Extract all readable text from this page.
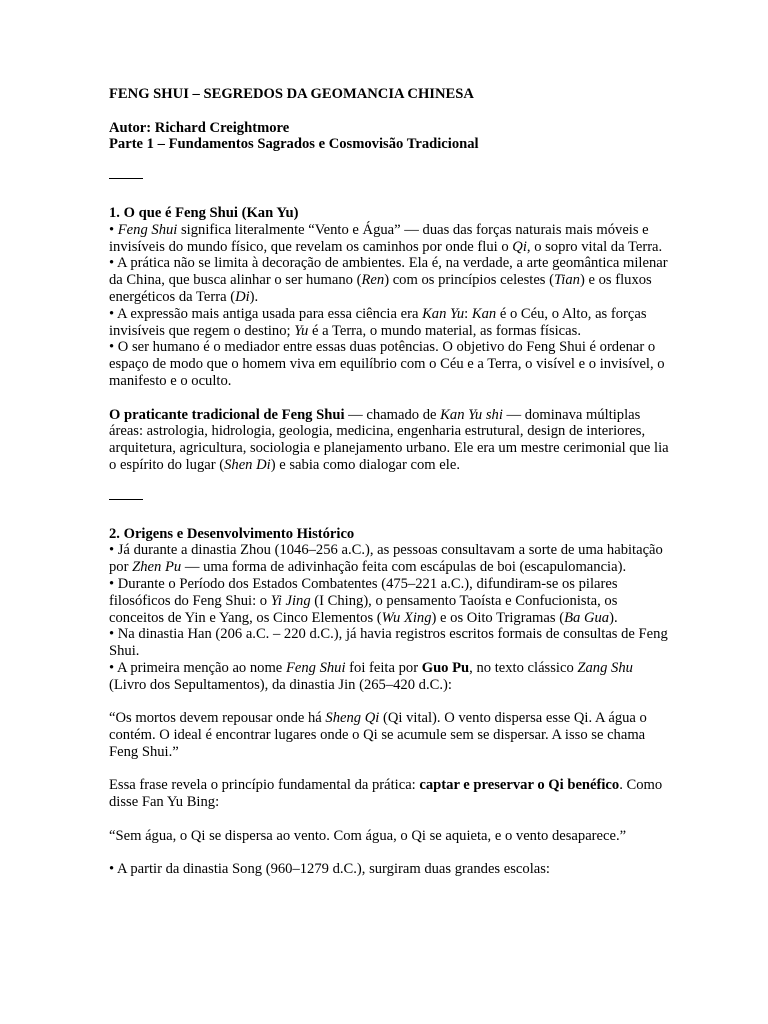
FENG SHUI – SEGREDOS DA GEOMANCIA CHINESA

Autor: Richard Creightmore

Parte 1 – Fundamentos Sagrados e Cosmovisão Tradicional

1. O que é Feng Shui (Kan Yu)

• Feng Shui significa literalmente “Vento e Água” — duas das forças naturais mais móveis e invisíveis do mundo físico, que revelam os caminhos por onde flui o Qi, o sopro vital da Terra.

• A prática não se limita à decoração de ambientes. Ela é, na verdade, a arte geomântica milenar da China, que busca alinhar o ser humano (Ren) com os princípios celestes (Tian) e os fluxos energéticos da Terra (Di).

• A expressão mais antiga usada para essa ciência era Kan Yu: Kan é o Céu, o Alto, as forças invisíveis que regem o destino; Yu é a Terra, o mundo material, as formas físicas.

• O ser humano é o mediador entre essas duas potências. O objetivo do Feng Shui é ordenar o espaço de modo que o homem viva em equilíbrio com o Céu e a Terra, o visível e o invisível, o manifesto e o oculto.

O praticante tradicional de Feng Shui — chamado de Kan Yu shi — dominava múltiplas áreas: astrologia, hidrologia, geologia, medicina, engenharia estrutural, design de interiores, arquitetura, agricultura, sociologia e planejamento urbano. Ele era um mestre cerimonial que lia o espírito do lugar (Shen Di) e sabia como dialogar com ele.

2. Origens e Desenvolvimento Histórico

• Já durante a dinastia Zhou (1046–256 a.C.), as pessoas consultavam a sorte de uma habitação por Zhen Pu — uma forma de adivinhação feita com escápulas de boi (escapulomancia).

• Durante o Período dos Estados Combatentes (475–221 a.C.), difundiram-se os pilares filosóficos do Feng Shui: o Yi Jing (I Ching), o pensamento Taoísta e Confucionista, os conceitos de Yin e Yang, os Cinco Elementos (Wu Xing) e os Oito Trigramas (Ba Gua).

• Na dinastia Han (206 a.C. – 220 d.C.), já havia registros escritos formais de consultas de Feng Shui.

• A primeira menção ao nome Feng Shui foi feita por Guo Pu, no texto clássico Zang Shu (Livro dos Sepultamentos), da dinastia Jin (265–420 d.C.):

“Os mortos devem repousar onde há Sheng Qi (Qi vital). O vento dispersa esse Qi. A água o contém. O ideal é encontrar lugares onde o Qi se acumule sem se dispersar. A isso se chama Feng Shui.”

Essa frase revela o princípio fundamental da prática: captar e preservar o Qi benéfico. Como disse Fan Yu Bing:

“Sem água, o Qi se dispersa ao vento. Com água, o Qi se aquieta, e o vento desaparece.”

• A partir da dinastia Song (960–1279 d.C.), surgiram duas grandes escolas:
